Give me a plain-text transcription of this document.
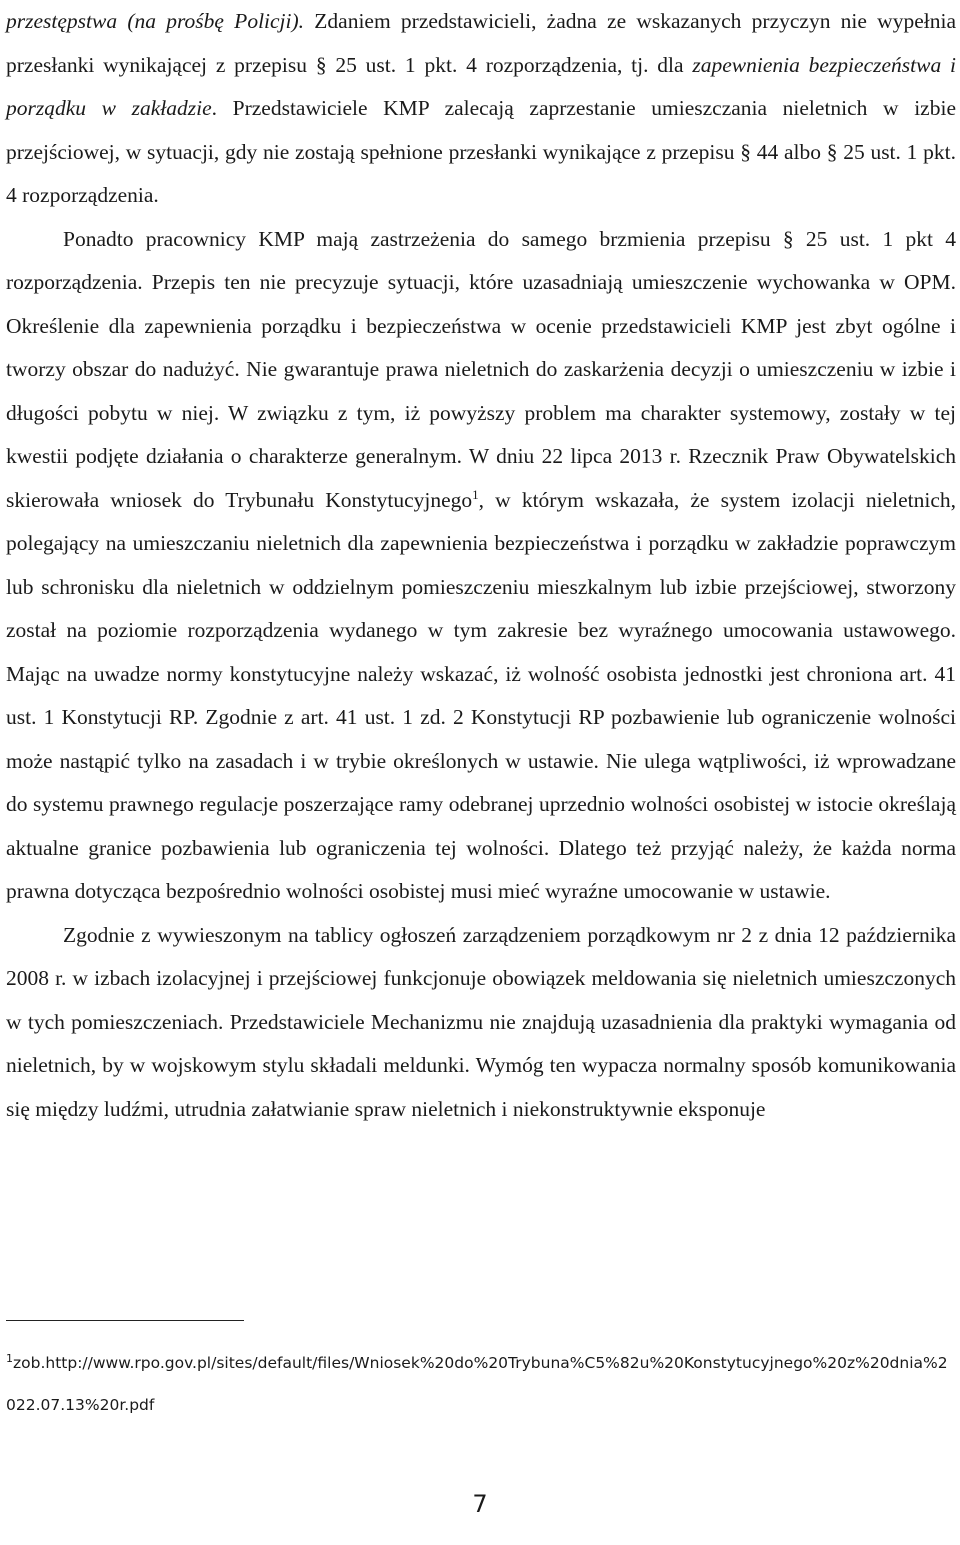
przestępstwa (na prośbę Policji). Zdaniem przedstawicieli, żadna ze wskazanych przyczyn nie wypełnia przesłanki wynikającej z przepisu § 25 ust. 1 pkt. 4 rozporządzenia, tj. dla zapewnienia bezpieczeństwa i porządku w zakładzie. Przedstawiciele KMP zalecają zaprzestanie umieszczania nieletnich w izbie przejściowej, w sytuacji, gdy nie zostają spełnione przesłanki wynikające z przepisu § 44 albo § 25 ust. 1 pkt. 4 rozporządzenia.

Ponadto pracownicy KMP mają zastrzeżenia do samego brzmienia przepisu § 25 ust. 1 pkt 4 rozporządzenia. Przepis ten nie precyzuje sytuacji, które uzasadniają umieszczenie wychowanka w OPM. Określenie dla zapewnienia porządku i bezpieczeństwa w ocenie przedstawicieli KMP jest zbyt ogólne i tworzy obszar do nadużyć. Nie gwarantuje prawa nieletnich do zaskarżenia decyzji o umieszczeniu w izbie i długości pobytu w niej. W związku z tym, iż powyższy problem ma charakter systemowy, zostały w tej kwestii podjęte działania o charakterze generalnym. W dniu 22 lipca 2013 r. Rzecznik Praw Obywatelskich skierowała wniosek do Trybunału Konstytucyjnego$^1$, w którym wskazała, że system izolacji nieletnich, polegający na umieszczaniu nieletnich dla zapewnienia bezpieczeństwa i porządku w zakładzie poprawczym lub schronisku dla nieletnich w oddzielnym pomieszczeniu mieszkalnym lub izbie przejściowej, stworzony został na poziomie rozporządzenia wydanego w tym zakresie bez wyraźnego umocowania ustawowego. Mając na uwadze normy konstytucyjne należy wskazać, iż wolność osobista jednostki jest chroniona art. 41 ust. 1 Konstytucji RP. Zgodnie z art. 41 ust. 1 zd. 2 Konstytucji RP pozbawienie lub ograniczenie wolności może nastąpić tylko na zasadach i w trybie określonych w ustawie. Nie ulega wątpliwości, iż wprowadzane do systemu prawnego regulacje poszerzające ramy odebranej uprzednio wolności osobistej w istocie określają aktualne granice pozbawienia lub ograniczenia tej wolności. Dlatego też przyjąć należy, że każda norma prawna dotycząca bezpośrednio wolności osobistej musi mieć wyraźne umocowanie w ustawie.

Zgodnie z wywieszonym na tablicy ogłoszeń zarządzeniem porządkowym nr 2 z dnia 12 października 2008 r. w izbach izolacyjnej i przejściowej funkcjonuje obowiązek meldowania się nieletnich umieszczonych w tych pomieszczeniach. Przedstawiciele Mechanizmu nie znajdują uzasadnienia dla praktyki wymagania od nieletnich, by w wojskowym stylu składali meldunki. Wymóg ten wypacza normalny sposób komunikowania się między ludźmi, utrudnia załatwianie spraw nieletnich i niekonstruktywnie eksponuje

$^1$zob.http://www.rpo.gov.pl/sites/default/files/Wniosek%20do%20Trybuna%C5%82u%20Konstytucyjnego%20z%20dnia%2022.07.13%20r.pdf
7
